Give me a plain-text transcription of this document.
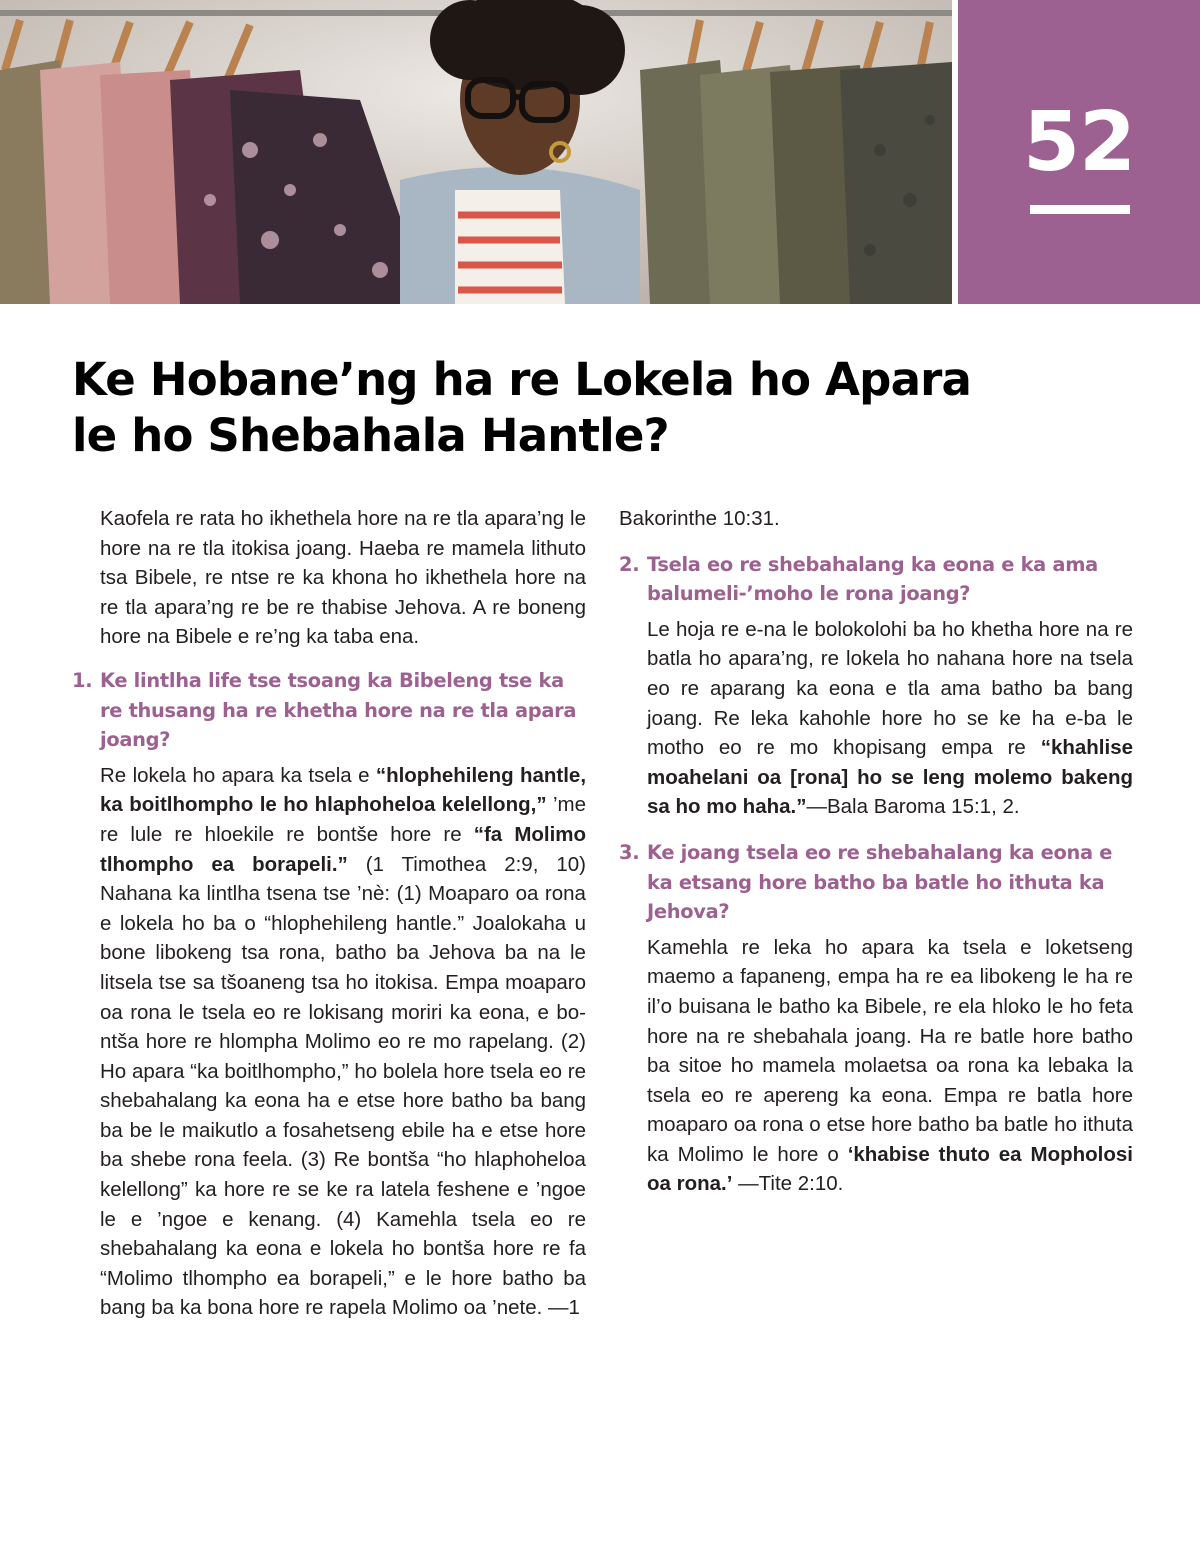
52
Ke Hobane’ng ha re Lokela ho Apara
le ho Shebahala Hantle?

Kaofela re rata ho ikhethela hore na re tla apara’ng le hore na re tla itokisa joang. Haeba re mamela lithuto tsa Bibele, re ntse re ka khona ho ikhethela hore na re tla apara’ng re be re thabise Jehova. A re boneng hore na Bibele e re’ng ka taba ena.

1. Ke lintlha life tse tsoang ka Bibeleng tse ka re thusang ha re khetha hore na re tla apara joang?

Re lokela ho apara ka tsela e “hlophehileng hantle, ka boitlhompho le ho hlaphoheloa kelellong,” ’me re lule re hloekile re bontše hore re “fa Molimo tlhompho ea borapeli.” (1 Timothea 2:9, 10) Nahana ka lintlha tsena tse ’nè: (1) Moaparo oa rona e lokela ho ba o “hlophehileng hantle.” Joalokaha u bone libokeng tsa rona, batho ba Jehova ba na le litsela tse sa tšoaneng tsa ho itokisa. Empa moaparo oa rona le tsela eo re lokisang moriri ka eona, e bontša hore re hlompha Molimo eo re mo rapelang. (2) Ho apara “ka boitlhompho,” ho bolela hore tsela eo re shebahalang ka eona ha e etse hore batho ba bang ba be le maikutlo a fosahetseng ebile ha e etse hore ba shebe rona feela. (3) Re bontša “ho hlaphoheloa kelellong” ka hore re se ke ra latela feshene e ’ngoe le e ’ngoe e kenang. (4) Kamehla tsela eo re shebahalang ka eona e lokela ho bontša hore re fa “Molimo tlhompho ea borapeli,” e le hore batho ba bang ba ka bona hore re rapela Molimo oa ’nete. —1

Bakorinthe 10:31.

2. Tsela eo re shebahalang ka eona e ka ama balumeli-’moho le rona joang?

Le hoja re e-na le bolokolohi ba ho khetha hore na re batla ho apara’ng, re lokela ho nahana hore na tsela eo re aparang ka eona e tla ama batho ba bang joang. Re leka kahohle hore ho se ke ha e-ba le motho eo re mo khopisang empa re “khahlise moahelani oa [rona] ho se leng molemo bakeng sa ho mo haha.”—Bala Baroma 15:1, 2.

3. Ke joang tsela eo re shebahalang ka eona e ka etsang hore batho ba batle ho ithuta ka Jehova?

Kamehla re leka ho apara ka tsela e loketseng maemo a fapaneng, empa ha re ea libokeng le ha re il’o buisana le batho ka Bibele, re ela hloko le ho feta hore na re shebahala joang. Ha re batle hore batho ba sitoe ho mamela molaetsa oa rona ka lebaka la tsela eo re apereng ka eona. Empa re batla hore moaparo oa rona o etse hore batho ba batle ho ithuta ka Molimo le hore o ‘khabise thuto ea Mopholosi oa rona.’ —Tite 2:10.
